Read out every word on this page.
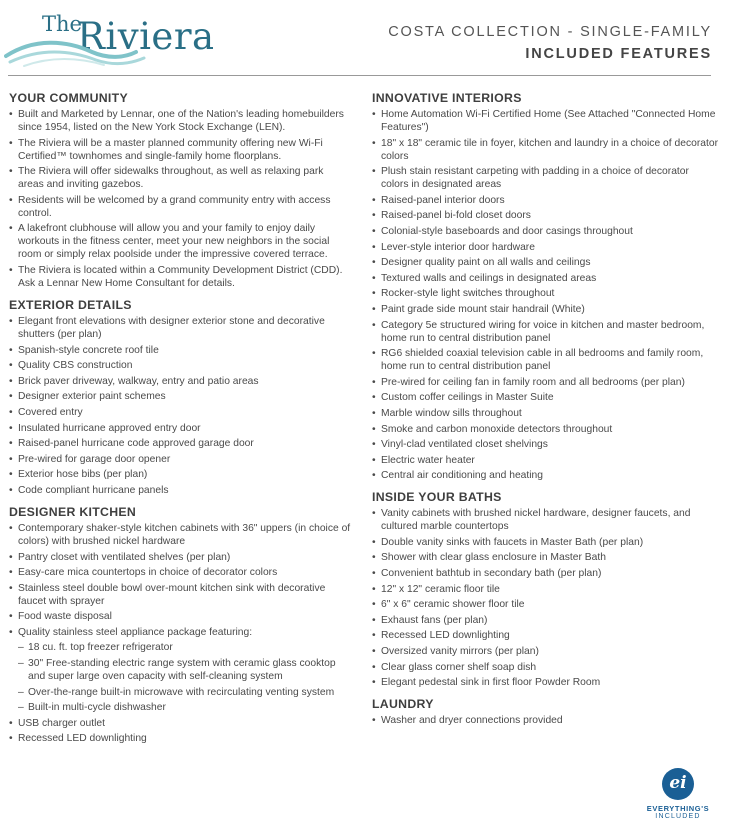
The
Riviera	COSTA COLLECTION - SINGLE-FAMILY
INCLUDED FEATURES
YOUR COMMUNITY
• Built and Marketed by Lennar, one of the Nation's leading homebuilders since 1954, listed on the New York Stock Exchange (LEN).
• The Riviera will be a master planned community offering new Wi-Fi Certified™ townhomes and single-family home floorplans.
• The Riviera will offer sidewalks throughout, as well as relaxing park areas and inviting gazebos.
• Residents will be welcomed by a grand community entry with access control.
• A lakefront clubhouse will allow you and your family to enjoy daily workouts in the fitness center, meet your new neighbors in the social room or simply relax poolside under the impressive covered terrace.
• The Riviera is located within a Community Development District (CDD). Ask a Lennar New Home Consultant for details.
EXTERIOR DETAILS
• Elegant front elevations with designer exterior stone and decorative shutters (per plan)
• Spanish-style concrete roof tile
• Quality CBS construction
• Brick paver driveway, walkway, entry and patio areas
• Designer exterior paint schemes
• Covered entry
• Insulated hurricane approved entry door
• Raised-panel hurricane code approved garage door
• Pre-wired for garage door opener
• Exterior hose bibs (per plan)
• Code compliant hurricane panels
DESIGNER KITCHEN
• Contemporary shaker-style kitchen cabinets with 36" uppers (in choice of colors) with brushed nickel hardware
• Pantry closet with ventilated shelves (per plan)
• Easy-care mica countertops in choice of decorator colors
• Stainless steel double bowl over-mount kitchen sink with decorative faucet with sprayer
• Food waste disposal
• Quality stainless steel appliance package featuring:
– 18 cu. ft. top freezer refrigerator
– 30" Free-standing electric range system with ceramic glass cooktop and super large oven capacity with self-cleaning system
– Over-the-range built-in microwave with recirculating venting system
– Built-in multi-cycle dishwasher
• USB charger outlet
• Recessed LED downlighting
INNOVATIVE INTERIORS
• Home Automation Wi-Fi Certified Home (See Attached "Connected Home Features")
• 18" x 18" ceramic tile in foyer, kitchen and laundry in a choice of decorator colors
• Plush stain resistant carpeting with padding in a choice of decorator colors in designated areas
• Raised-panel interior doors
• Raised-panel bi-fold closet doors
• Colonial-style baseboards and door casings throughout
• Lever-style interior door hardware
• Designer quality paint on all walls and ceilings
• Textured walls and ceilings in designated areas
• Rocker-style light switches throughout
• Paint grade side mount stair handrail (White)
• Category 5e structured wiring for voice in kitchen and master bedroom, home run to central distribution panel
• RG6 shielded coaxial television cable in all bedrooms and family room, home run to central distribution panel
• Pre-wired for ceiling fan in family room and all bedrooms (per plan)
• Custom coffer ceilings in Master Suite
• Marble window sills throughout
• Smoke and carbon monoxide detectors throughout
• Vinyl-clad ventilated closet shelvings
• Electric water heater
• Central air conditioning and heating
INSIDE YOUR BATHS
• Vanity cabinets with brushed nickel hardware, designer faucets, and cultured marble countertops
• Double vanity sinks with faucets in Master Bath (per plan)
• Shower with clear glass enclosure in Master Bath
• Convenient bathtub in secondary bath (per plan)
• 12" x 12" ceramic floor tile
• 6" x 6" ceramic shower floor tile
• Exhaust fans (per plan)
• Recessed LED downlighting
• Oversized vanity mirrors (per plan)
• Clear glass corner shelf soap dish
• Elegant pedestal sink in first floor Powder Room
LAUNDRY
• Washer and dryer connections provided
ei
EVERYTHING'S
INCLUDED
